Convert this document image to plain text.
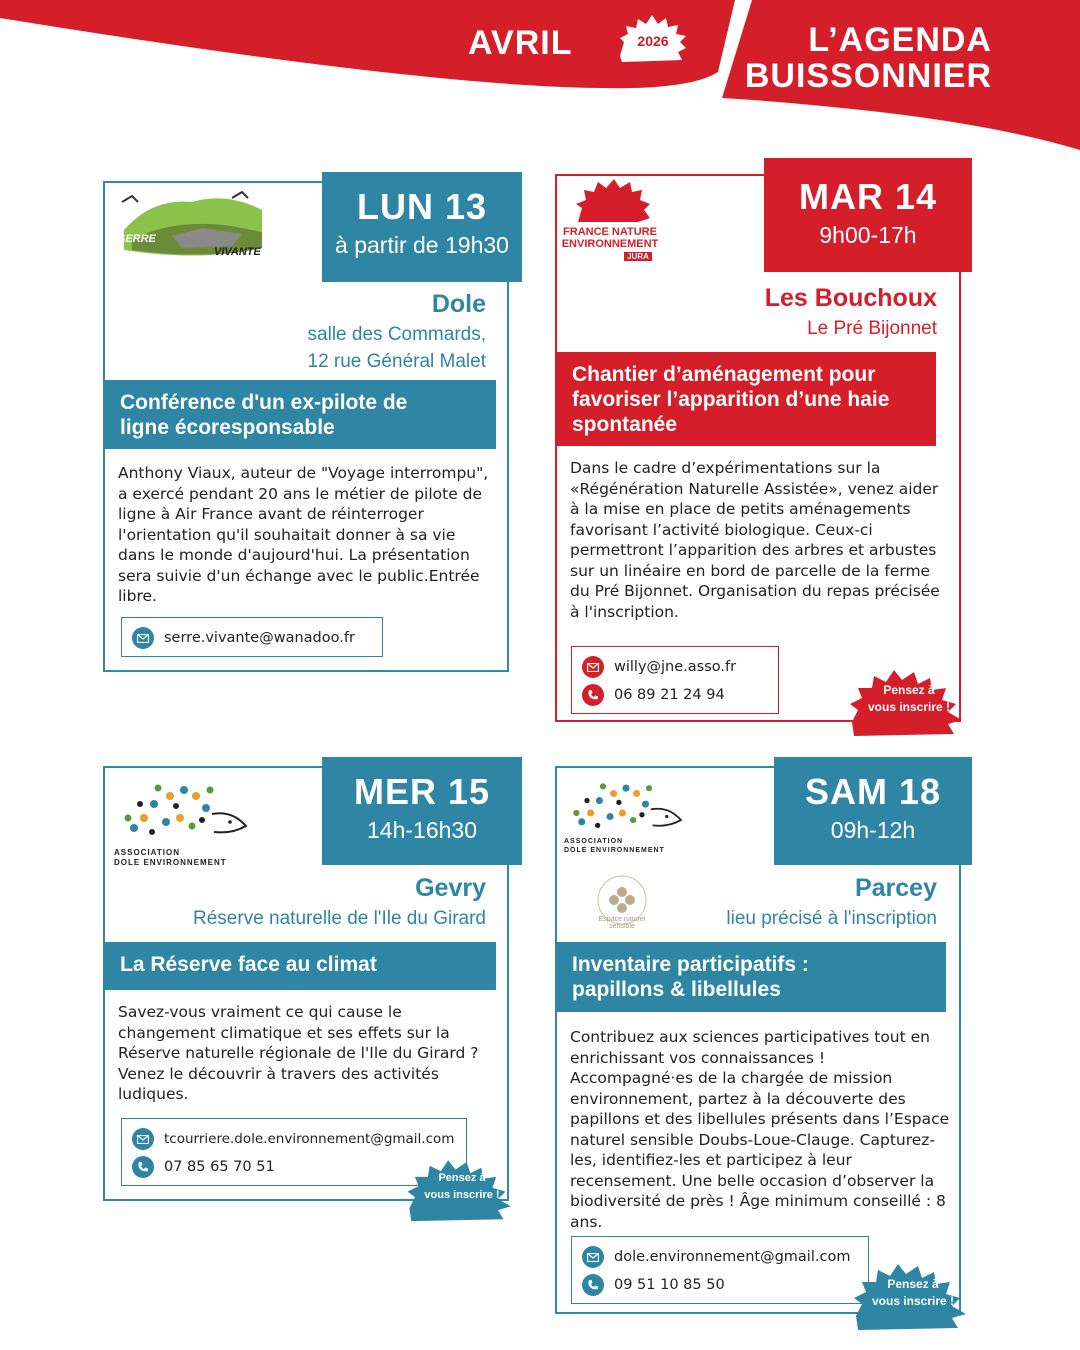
AVRIL	2026	L’AGENDA
BUISSONNIER
SERRE
VIVANTE
LUN 13
à partir de 19h30
Dole
salle des Commards,
12 rue Général Malet
Conférence d'un ex-pilote de
ligne écoresponsable
Anthony Viaux, auteur de "Voyage interrompu", a exercé pendant 20 ans le métier de pilote de ligne à Air France avant de réinterroger l'orientation qu'il souhaitait donner à sa vie dans le monde d'aujourd'hui. La présentation sera suivie d'un échange avec le public.Entrée libre.
serre.vivante@wanadoo.fr
FRANCE NATURE
ENVIRONNEMENT
JURA
MAR 14
9h00-17h
Les Bouchoux
Le Pré Bijonnet
Chantier d’aménagement pour
favoriser l’apparition d’une haie
spontanée
Dans le cadre d’expérimentations sur la «Régénération Naturelle Assistée», venez aider à la mise en place de petits aménagements favorisant l’activité biologique. Ceux-ci permettront l’apparition des arbres et arbustes sur un linéaire en bord de parcelle de la ferme du Pré Bijonnet. Organisation du repas précisée à l'inscription.
willy@jne.asso.fr
06 89 21 24 94	Pensez à
vous inscrire !
ASSOCIATION
DOLE ENVIRONNEMENT
MER 15
14h-16h30
Gevry
Réserve naturelle de l'Ile du Girard
La Réserve face au climat
Savez-vous vraiment ce qui cause le changement climatique et ses effets sur la Réserve naturelle régionale de l'Ile du Girard ? Venez le découvrir à travers des activités ludiques.
tcourriere.dole.environnement@gmail.com
07 85 65 70 51
Pensez à
vous inscrire !
ASSOCIATION
DOLE ENVIRONNEMENT
Espace naturel sensible
SAM 18
09h-12h
Parcey
lieu précisé à l'inscription
Inventaire participatifs :
papillons & libellules
Contribuez aux sciences participatives tout en enrichissant vos connaissances ! Accompagné·es de la chargée de mission environnement, partez à la découverte des papillons et des libellules présents dans l’Espace naturel sensible Doubs-Loue-Clauge. Capturez-les, identifiez-les et participez à leur recensement. Une belle occasion d’observer la biodiversité de près ! Âge minimum conseillé : 8 ans.
dole.environnement@gmail.com
09 51 10 85 50	Pensez à
vous inscrire !
